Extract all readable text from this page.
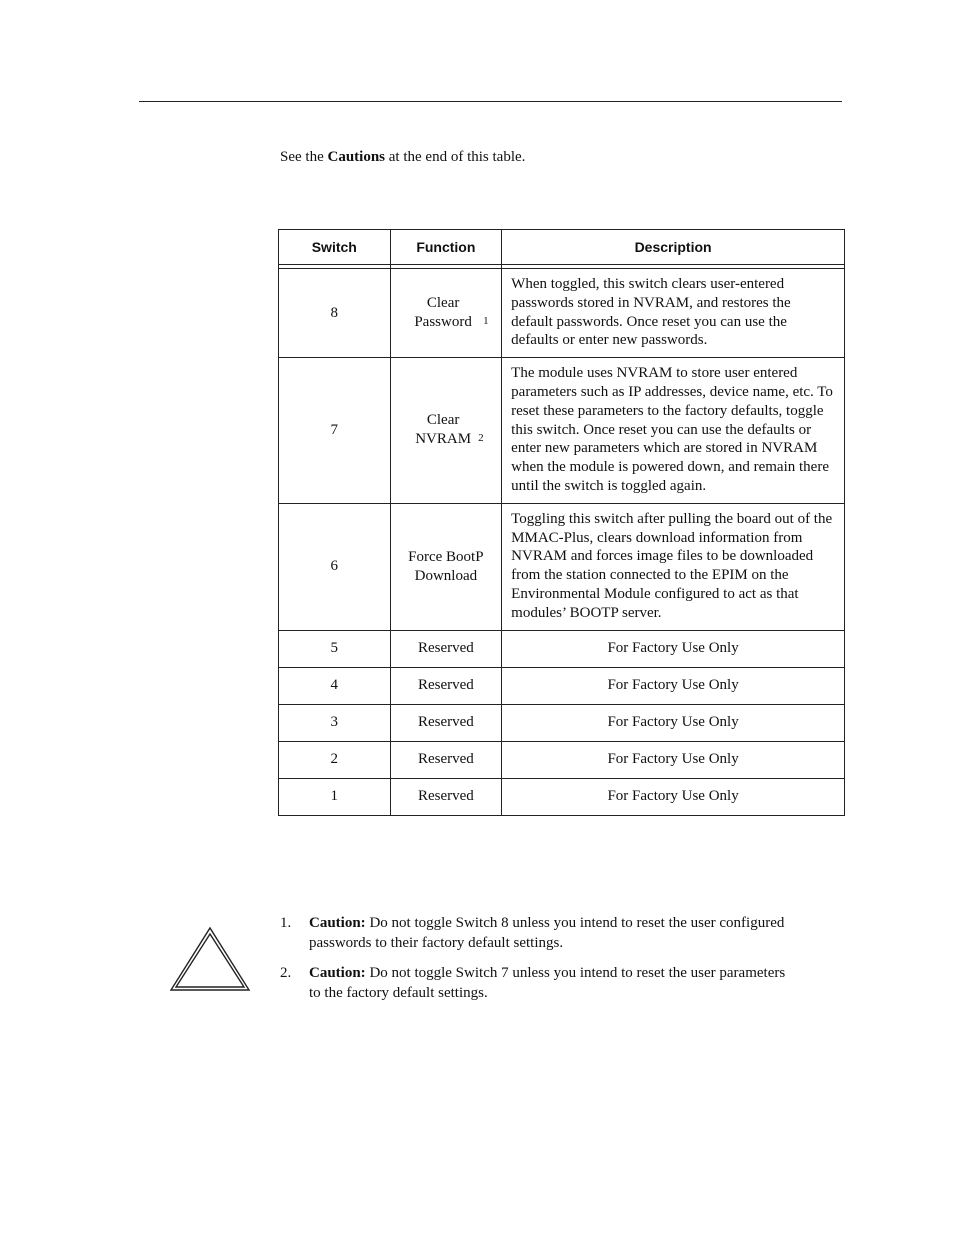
See the Cautions at the end of this table.
Switch	Function	Description

8	Clear Password $^1$	When toggled, this switch clears user-entered passwords stored in NVRAM, and restores the default passwords. Once reset you can use the defaults or enter new passwords.
7	Clear NVRAM $^2$	The module uses NVRAM to store user entered parameters such as IP addresses, device name, etc. To reset these parameters to the factory defaults, toggle this switch. Once reset you can use the defaults or enter new parameters which are stored in NVRAM when the module is powered down, and remain there until the switch is toggled again.
6	Force BootP Download	Toggling this switch after pulling the board out of the MMAC-Plus, clears download information from NVRAM and forces image files to be downloaded from the station connected to the EPIM on the Environmental Module configured to act as that modules’ BOOTP server.
5	Reserved	For Factory Use Only
4	Reserved	For Factory Use Only
3	Reserved	For Factory Use Only
2	Reserved	For Factory Use Only
1	Reserved	For Factory Use Only
1. Caution: Do not toggle Switch 8 unless you intend to reset the user configured passwords to their factory default settings.
2. Caution: Do not toggle Switch 7 unless you intend to reset the user parameters to the factory default settings.
